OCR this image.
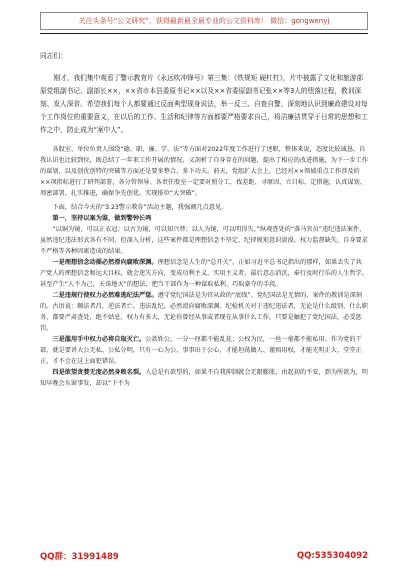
关注头条号“公文研究”，获得最新最全最专业的公文资料库！ 微信：gongwenyj

同志们：

刚才，我们集中观看了警示教育片《永远吹冲锋号》第三集：《铁规矩 硬杠杠》，片中披露了文化和旅游部原党组副书记、副部长××，××省市本县委原书记××以及××省委原副书记张××等3人的堕落过程，教训深刻、发人深省。希望我们每个人都要通过反面典型现身说法，举一反三、自查自警，深刻地认识到廉政建设对每个工作岗位的重要意义，在以后的工作、生活和纪律等方面都要严格要求自己，将洁廉洁贯穿于日常的思想和工作之中，防止成为“案中人”。

各股室、单位负责人围绕“德、职、廉、学、法”等方面对2022年度工作进行了述职，整体来说，态度比较诚恳，自我认识也比较到位，既总结了一年来工作开展的情况，又剖析了自身存在的问题，提出了相应的改进措施，为下一步工作的谋划，以及创优创特的突破等方面还是要多整合，多下功夫。前天，党组扩大会上，已经对××领域重点工作涉及的××项指标进行了研判部署，各分管领导、各责任股室一定要对照分工，找差距、寻原因、立目标、定措施，认真谋划、周密部署、扎实推进，确保争先创优，实现排位“大突破”。

下面，结合今天的“3.23警示教育”活动主题，我强调几点意见。

第一，坚持以案为鉴，做到警钟长鸣

“以铜为镜，可以正衣冠；以古为镜，可以知兴替；以人为镜，可以明得失。”纵观查处的“落马官员”违纪违法案件，虽然违纪违法形式各有不同，但深入分析，这些案件都是理想信念不坚定、纪律规矩意识淡漠、权力监督缺失，自身要求不严格等各种因素造成的结果。

一是理想信念动摇必然滑向腐败深渊。理想信念是人生的“总开关”，正如习近平总书记指出的那样，如果丢失了共产党人的理想信念和远大目标，就会迷失方向，变成功利主义、实用主义者，最后意志消沉，奉行及时行乐的人生哲学，甚至产生“人不为己，天诛地灭”的想法，把当干部作为一种谋取私利、巧取豪夺的手段。

二是违规行使权力必然难逃纪法严惩。遵守党纪国法是为官从政的“底线”。党纪国法是无情的，案件的教训是深刻的。古语说：顺法者昌，逆法者亡。违法乱纪，必然滑向腐败深渊。纪检机关对于违纪违法者，无论是什么级别、什么职务，都要严肃查处，绝不姑息。权力有多大，无论你曾经从事或者现在从事什么工作，只要是触犯了党纪国法，必受惩罚。

三是滥用手中权力必将自取灭亡。公款姓公，一分一厘都不能乱花；公权为民，一丝一毫都不能私用。作为党的干部，就是要讲大公无私、公私分明，只有一心为公、事事出于公心，才能坦荡做人、谨慎用权，才能光明正大、堂堂正正，才不会在这上面犯错误。

四是欲望贪婪无度必然身败名裂。人总是有欲望的，如果不自我抑制就会无限膨胀，由起初的不安，到为所欲为，明知早晚会东窗事发，却以“下不为

QQ群：31991489	QQ:535304092
